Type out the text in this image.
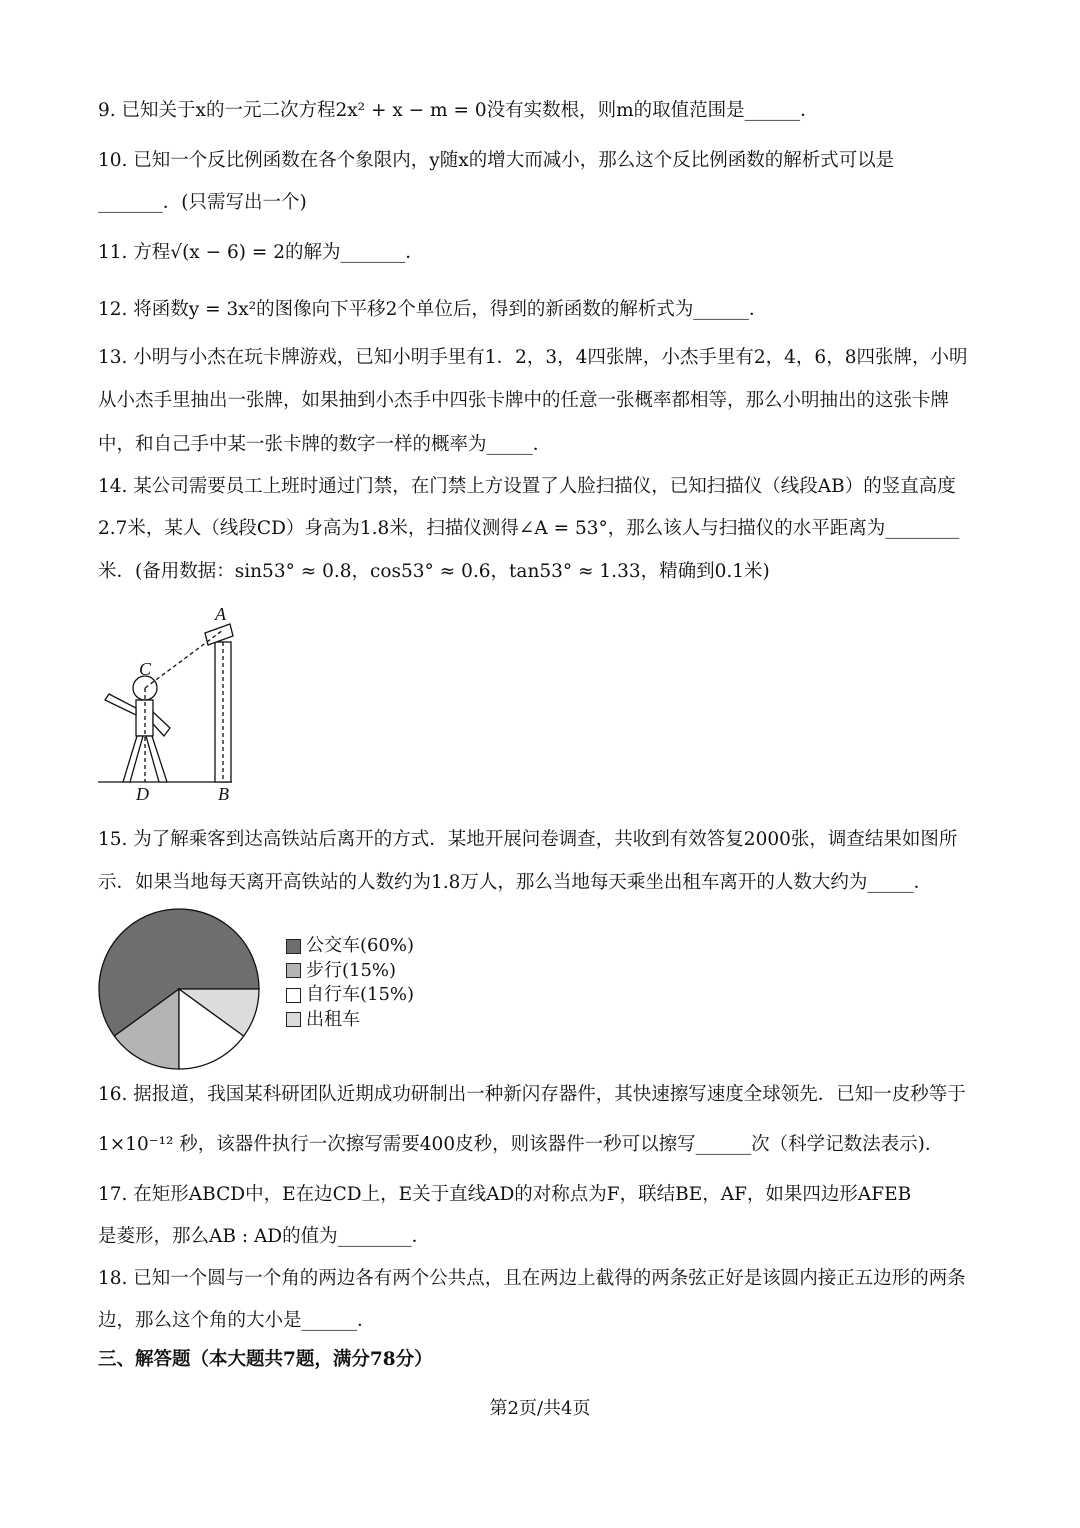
9. 已知关于x的一元二次方程2x² + x − m = 0没有实数根，则m的取值范围是______．
10. 已知一个反比例函数在各个象限内，y随x的增大而减小，那么这个反比例函数的解析式可以是
_______．(只需写出一个)
11. 方程√(x − 6) = 2的解为_______．
12. 将函数y = 3x²的图像向下平移2个单位后，得到的新函数的解析式为______．
13. 小明与小杰在玩卡牌游戏，已知小明手里有1．2，3，4四张牌，小杰手里有2，4，6，8四张牌，小明
从小杰手里抽出一张牌，如果抽到小杰手中四张卡牌中的任意一张概率都相等，那么小明抽出的这张卡牌
中，和自己手中某一张卡牌的数字一样的概率为_____．
14. 某公司需要员工上班时通过门禁，在门禁上方设置了人脸扫描仪，已知扫描仪（线段AB）的竖直高度
2.7米，某人（线段CD）身高为1.8米，扫描仪测得∠A = 53°，那么该人与扫描仪的水平距离为________
米．(备用数据：sin53° ≈ 0.8，cos53° ≈ 0.6，tan53° ≈ 1.33，精确到0.1米)
A
B
C
D
15. 为了解乘客到达高铁站后离开的方式．某地开展问卷调查，共收到有效答复2000张，调查结果如图所
示．如果当地每天离开高铁站的人数约为1.8万人，那么当地每天乘坐出租车离开的人数大约为_____．
公交车(60%)
步行(15%)
自行车(15%)
出租车
16. 据报道，我国某科研团队近期成功研制出一种新闪存器件，其快速擦写速度全球领先．已知一皮秒等于
1×10⁻¹² 秒，该器件执行一次擦写需要400皮秒，则该器件一秒可以擦写______次（科学记数法表示)．
17. 在矩形ABCD中，E在边CD上，E关于直线AD的对称点为F，联结BE，AF，如果四边形AFEB
是菱形，那么AB : AD的值为________．
18. 已知一个圆与一个角的两边各有两个公共点，且在两边上截得的两条弦正好是该圆内接正五边形的两条
边，那么这个角的大小是______．
三、解答题（本大题共7题，满分78分）
第2页/共4页
